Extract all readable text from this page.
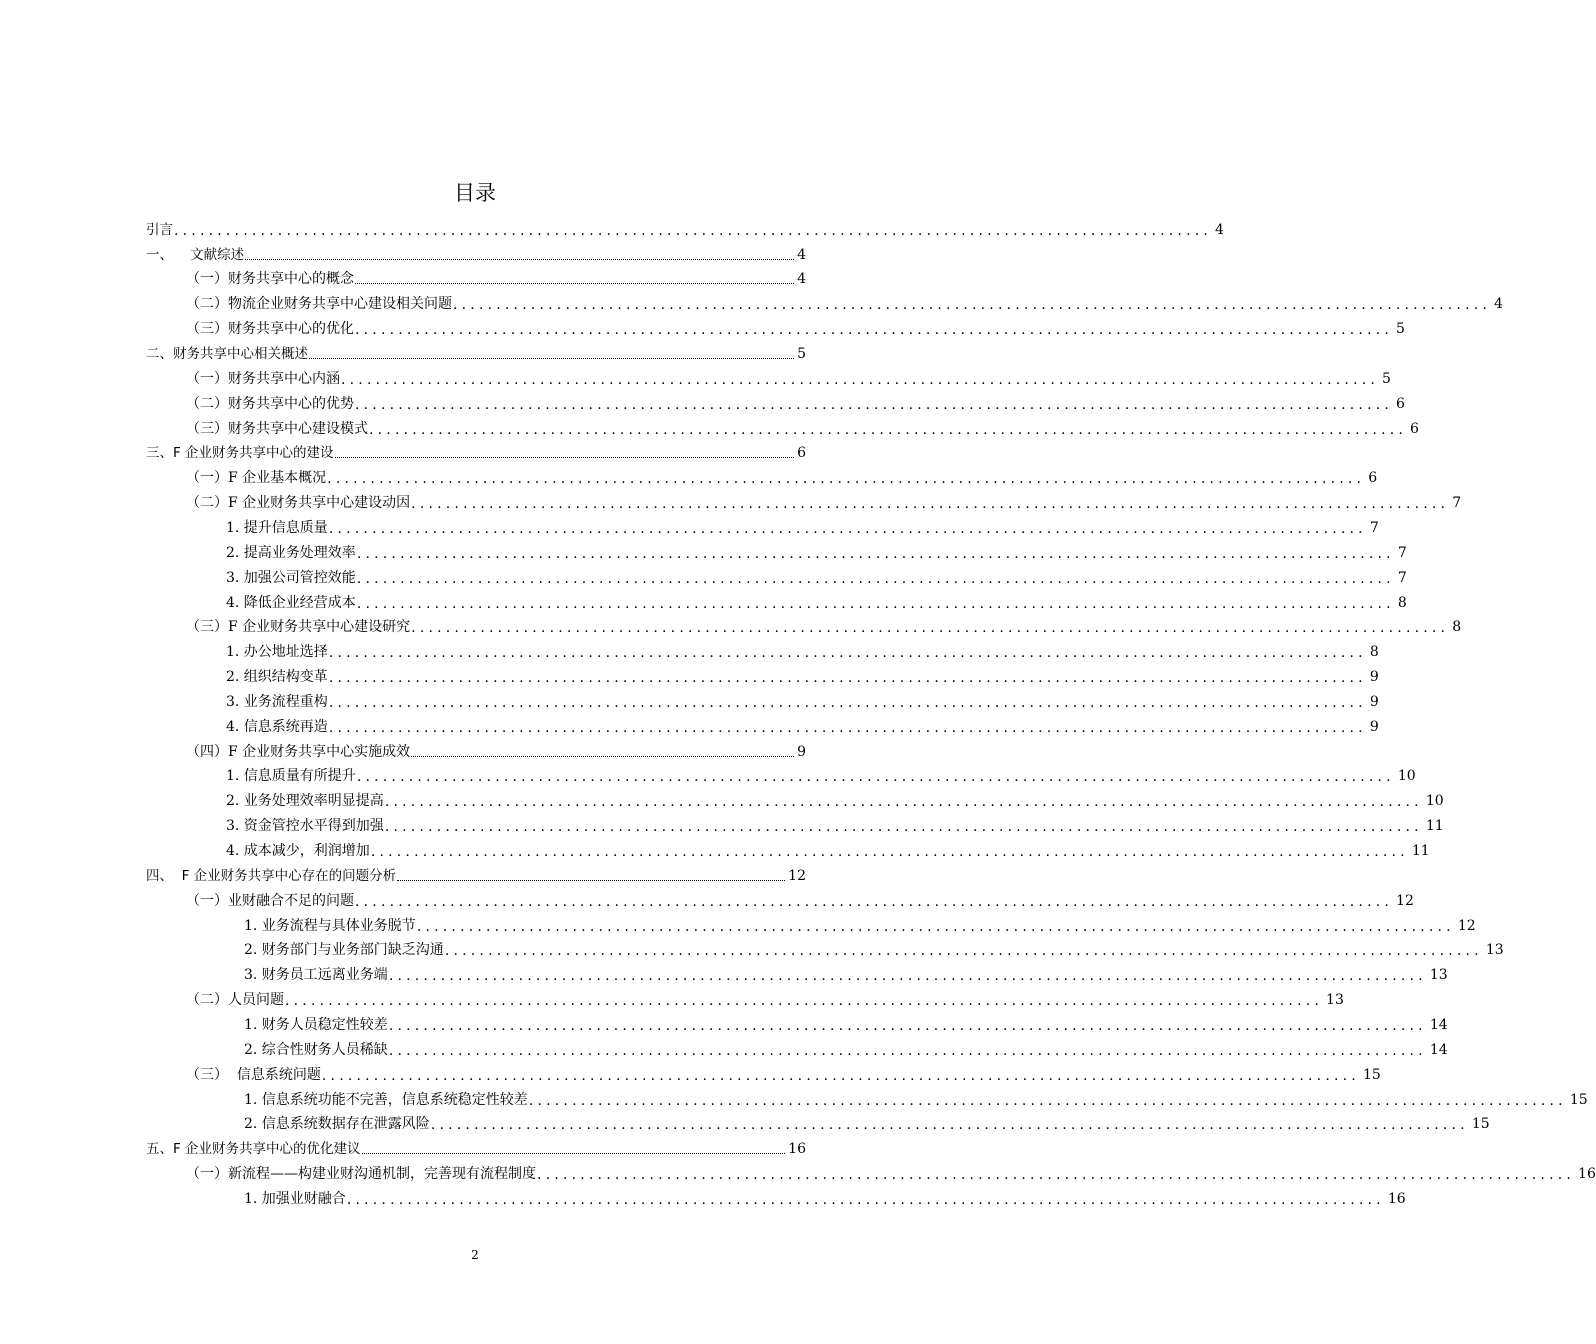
目录
引言 ........................................................................................................................ 4
一、    文献综述	4
（一）财务共享中心的概念	4
（二）物流企业财务共享中心建设相关问题 ........................................................................................................................ 4
（三）财务共享中心的优化 ........................................................................................................................ 5
二、财务共享中心相关概述	5
（一）财务共享中心内涵 ........................................................................................................................ 5
（二）财务共享中心的优势 ........................................................................................................................ 6
（三）财务共享中心建设模式 ........................................................................................................................ 6
三、F 企业财务共享中心的建设	6
（一）F 企业基本概况 ........................................................................................................................ 6
（二）F 企业财务共享中心建设动因 ........................................................................................................................ 7
1. 提升信息质量 ........................................................................................................................ 7
2. 提高业务处理效率 ........................................................................................................................ 7
3. 加强公司管控效能 ........................................................................................................................ 7
4. 降低企业经营成本 ........................................................................................................................ 8
（三）F 企业财务共享中心建设研究 ........................................................................................................................ 8
1. 办公地址选择 ........................................................................................................................ 8
2. 组织结构变革 ........................................................................................................................ 9
3. 业务流程重构 ........................................................................................................................ 9
4. 信息系统再造 ........................................................................................................................ 9
（四）F 企业财务共享中心实施成效	9
1. 信息质量有所提升 ........................................................................................................................ 10
2. 业务处理效率明显提高 ........................................................................................................................ 10
3. 资金管控水平得到加强 ........................................................................................................................ 11
4. 成本减少，利润增加 ........................................................................................................................ 11
四、  F 企业财务共享中心存在的问题分析	12
（一）业财融合不足的问题 ........................................................................................................................ 12
1. 业务流程与具体业务脱节 ........................................................................................................................ 12
2. 财务部门与业务部门缺乏沟通 ........................................................................................................................ 13
3. 财务员工远离业务端 ........................................................................................................................ 13
（二）人员问题 ........................................................................................................................ 13
1. 财务人员稳定性较差 ........................................................................................................................ 14
2. 综合性财务人员稀缺 ........................................................................................................................ 14
（三）  信息系统问题 ........................................................................................................................ 15
1. 信息系统功能不完善，信息系统稳定性较差 ........................................................................................................................ 15
2. 信息系统数据存在泄露风险 ........................................................................................................................ 15
五、F 企业财务共享中心的优化建议	16
（一）新流程——构建业财沟通机制，完善现有流程制度 ........................................................................................................................ 16
1. 加强业财融合 ........................................................................................................................ 16
2
